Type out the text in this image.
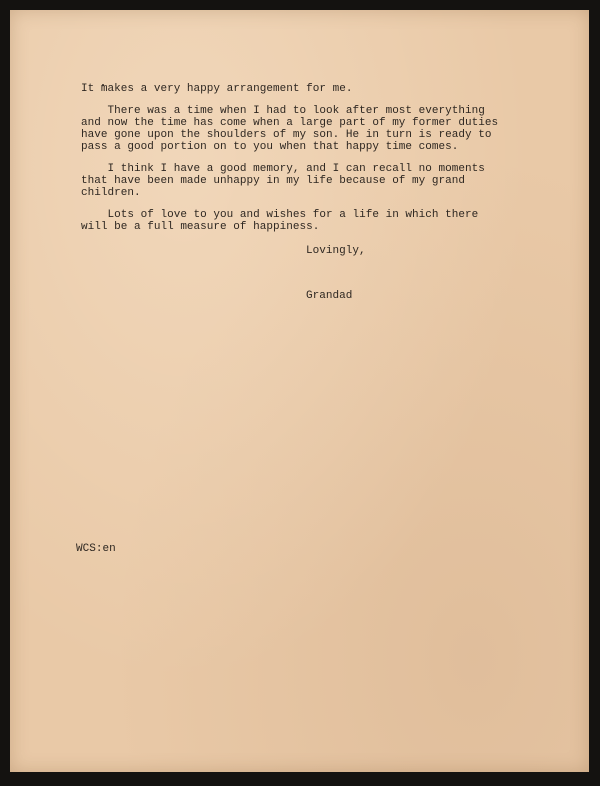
It makes a very happy arrangement for me.

There was a time when I had to look after most everything

and now the time has come when a large part of my former duties

have gone upon the shoulders of my son. He in turn is ready to

pass a good portion on to you when that happy time comes.

I think I have a good memory, and I can recall no moments

that have been made unhappy in my life because of my grand

children.

Lots of love to you and wishes for a life in which there

will be a full measure of happiness.

Lovingly,

Grandad

WCS:en
